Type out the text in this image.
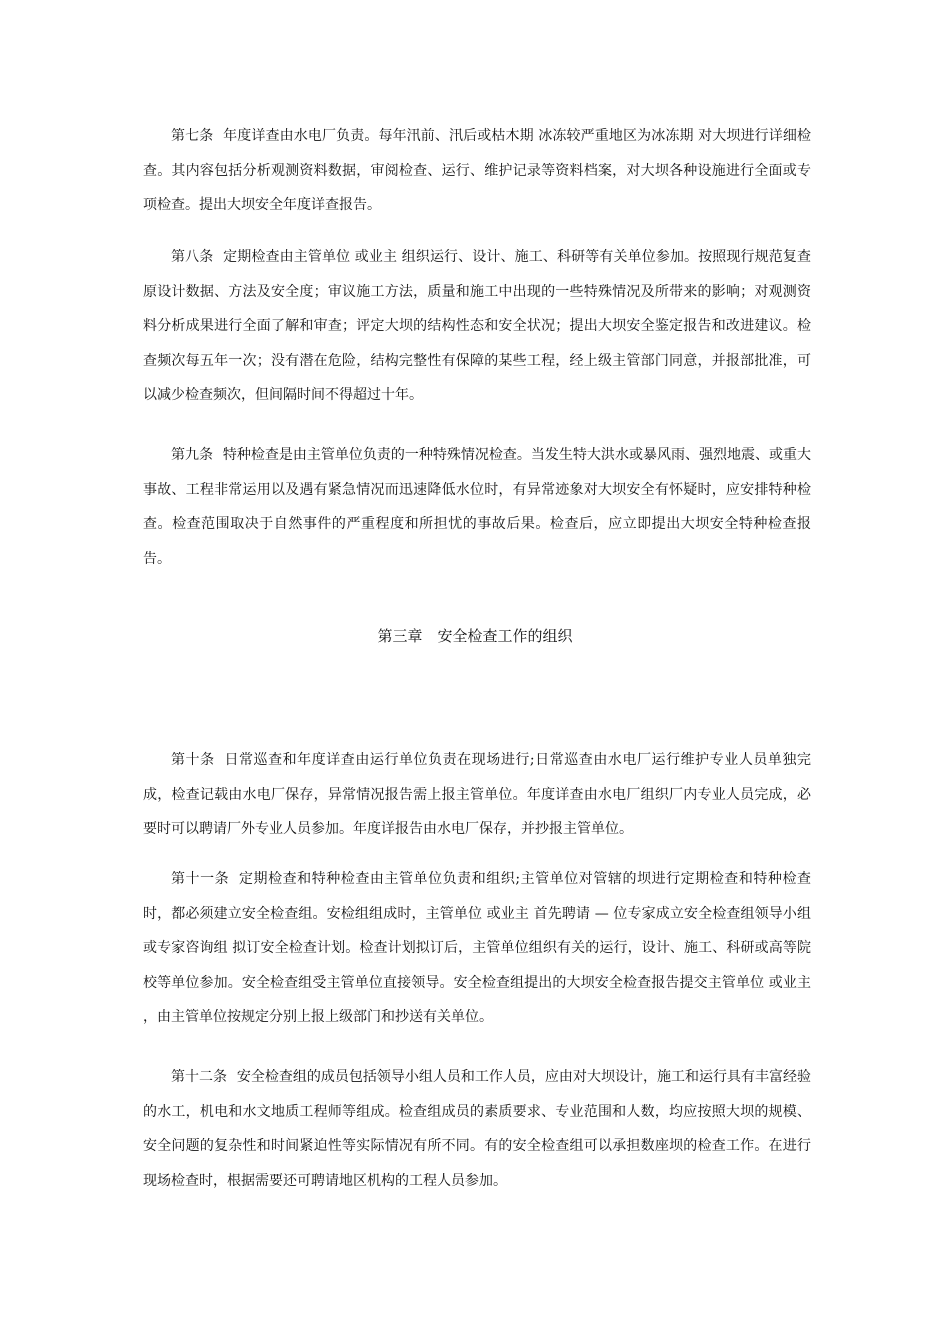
第七条 年度详查由水电厂负责。每年汛前、汛后或枯木期 冰冻较严重地区为冰冻期 对大坝进行详细检查。其内容包括分析观测资料数据，审阅检查、运行、维护记录等资料档案，对大坝各种设施进行全面或专项检查。提出大坝安全年度详查报告。

第八条 定期检查由主管单位 或业主 组织运行、设计、施工、科研等有关单位参加。按照现行规范复查原设计数据、方法及安全度；审议施工方法，质量和施工中出现的一些特殊情况及所带来的影响；对观测资料分析成果进行全面了解和审查；评定大坝的结构性态和安全状况；提出大坝安全鉴定报告和改进建议。检查频次每五年一次；没有潜在危险，结构完整性有保障的某些工程，经上级主管部门同意，并报部批准，可以减少检查频次，但间隔时间不得超过十年。

第九条 特种检查是由主管单位负责的一种特殊情况检查。当发生特大洪水或暴风雨、强烈地震、或重大事故、工程非常运用以及遇有紧急情况而迅速降低水位时，有异常迹象对大坝安全有怀疑时，应安排特种检查。检查范围取决于自然事件的严重程度和所担忧的事故后果。检查后，应立即提出大坝安全特种检查报告。

第三章 安全检查工作的组织

第十条 日常巡查和年度详查由运行单位负责在现场进行;日常巡查由水电厂运行维护专业人员单独完成，检查记载由水电厂保存，异常情况报告需上报主管单位。年度详查由水电厂组织厂内专业人员完成，必要时可以聘请厂外专业人员参加。年度详报告由水电厂保存，并抄报主管单位。

第十一条 定期检查和特种检查由主管单位负责和组织;主管单位对管辖的坝进行定期检查和特种检查时，都必须建立安全检查组。安检组组成时，主管单位 或业主 首先聘请 — 位专家成立安全检查组领导小组 或专家咨询组 拟订安全检查计划。检查计划拟订后，主管单位组织有关的运行，设计、施工、科研或高等院校等单位参加。安全检查组受主管单位直接领导。安全检查组提出的大坝安全检查报告提交主管单位 或业主 ，由主管单位按规定分别上报上级部门和抄送有关单位。

第十二条 安全检查组的成员包括领导小组人员和工作人员，应由对大坝设计，施工和运行具有丰富经验的水工，机电和水文地质工程师等组成。检查组成员的素质要求、专业范围和人数，均应按照大坝的规模、安全问题的复杂性和时间紧迫性等实际情况有所不同。有的安全检查组可以承担数座坝的检查工作。在进行现场检查时，根据需要还可聘请地区机构的工程人员参加。
